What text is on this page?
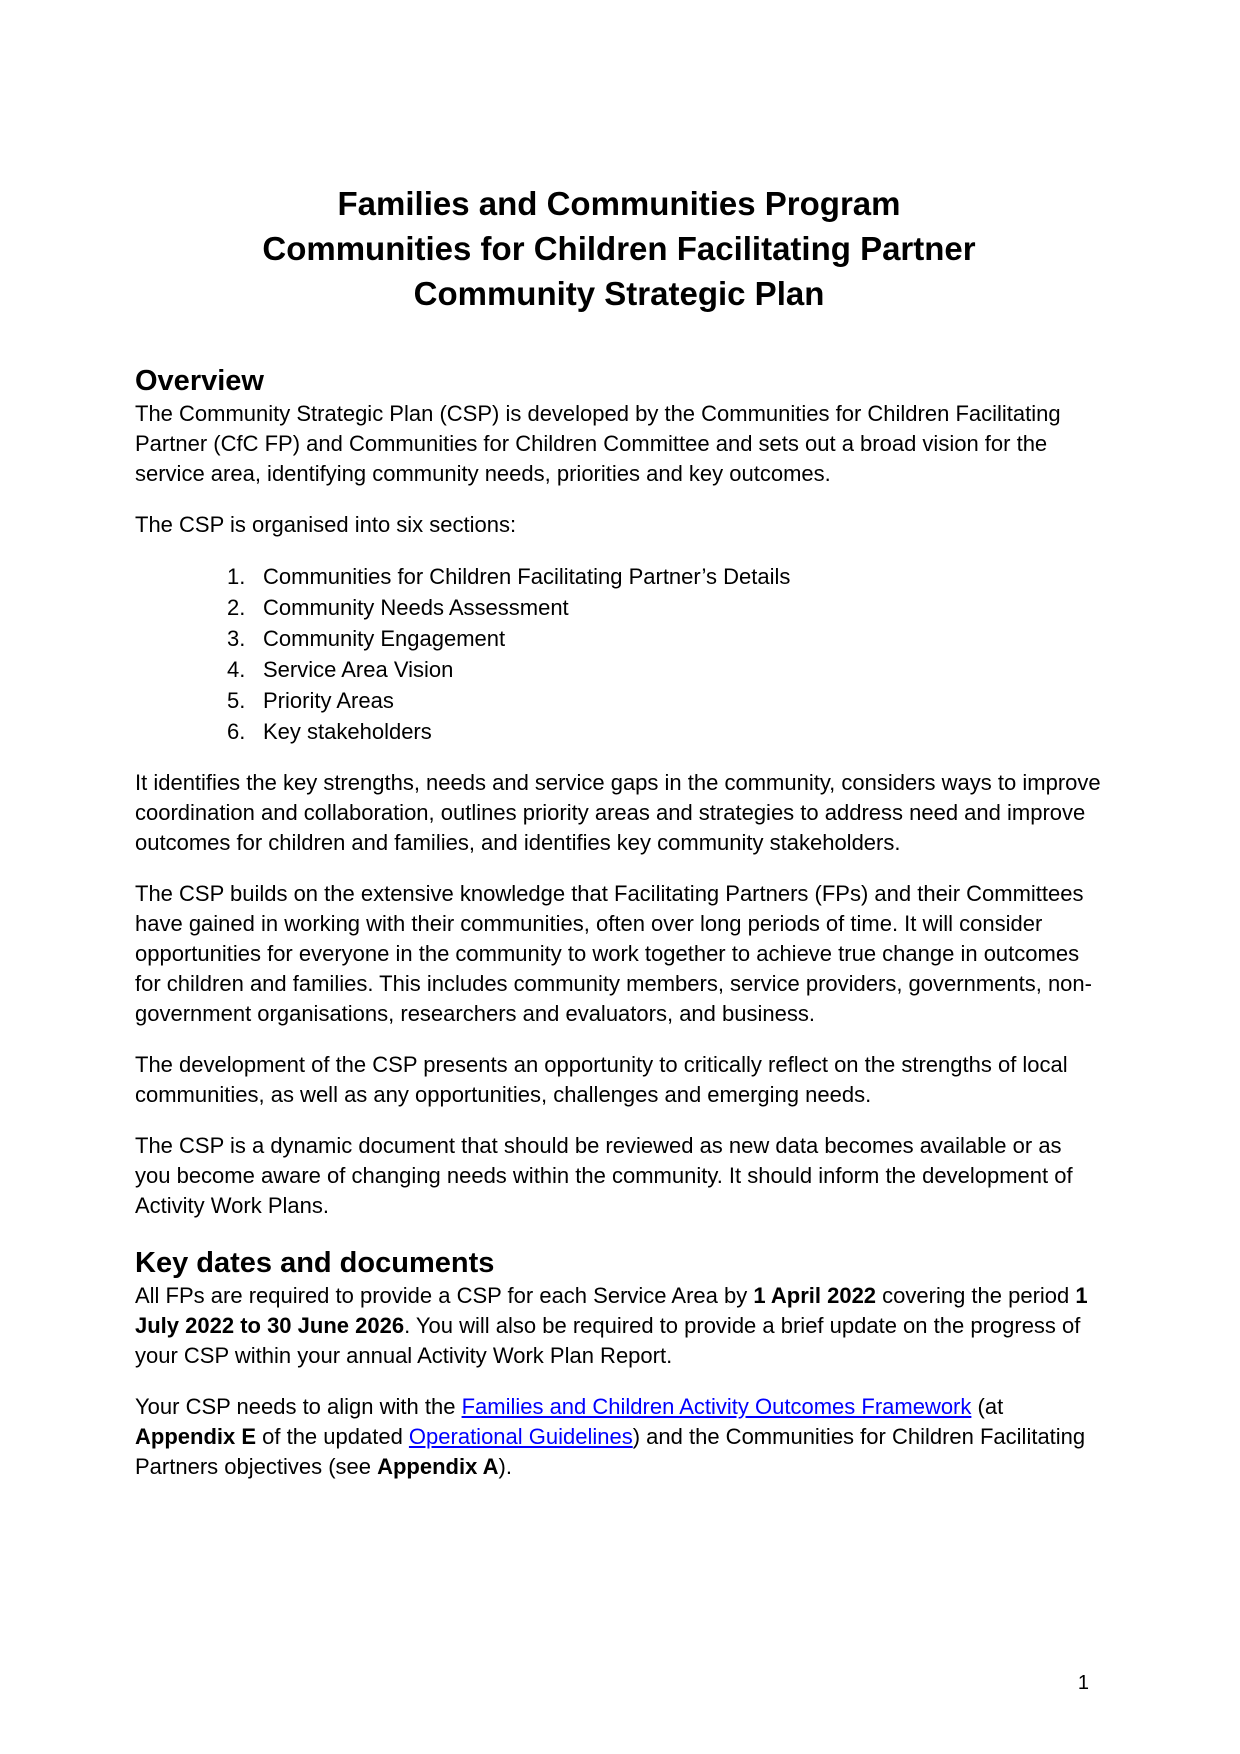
Families and Communities Program
Communities for Children Facilitating Partner
Community Strategic Plan
Overview

The Community Strategic Plan (CSP) is developed by the Communities for Children Facilitating Partner (CfC FP) and Communities for Children Committee and sets out a broad vision for the service area, identifying community needs, priorities and key outcomes.

The CSP is organised into six sections:

1. Communities for Children Facilitating Partner’s Details
2. Community Needs Assessment
3. Community Engagement
4. Service Area Vision
5. Priority Areas
6. Key stakeholders

It identifies the key strengths, needs and service gaps in the community, considers ways to improve coordination and collaboration, outlines priority areas and strategies to address need and improve outcomes for children and families, and identifies key community stakeholders.

The CSP builds on the extensive knowledge that Facilitating Partners (FPs) and their Committees have gained in working with their communities, often over long periods of time. It will consider opportunities for everyone in the community to work together to achieve true change in outcomes for children and families. This includes community members, service providers, governments, non-government organisations, researchers and evaluators, and business.

The development of the CSP presents an opportunity to critically reflect on the strengths of local communities, as well as any opportunities, challenges and emerging needs.

The CSP is a dynamic document that should be reviewed as new data becomes available or as you become aware of changing needs within the community. It should inform the development of Activity Work Plans.

Key dates and documents

All FPs are required to provide a CSP for each Service Area by 1 April 2022 covering the period 1 July 2022 to 30 June 2026. You will also be required to provide a brief update on the progress of your CSP within your annual Activity Work Plan Report.

Your CSP needs to align with the Families and Children Activity Outcomes Framework (at Appendix E of the updated Operational Guidelines) and the Communities for Children Facilitating Partners objectives (see Appendix A).

1
